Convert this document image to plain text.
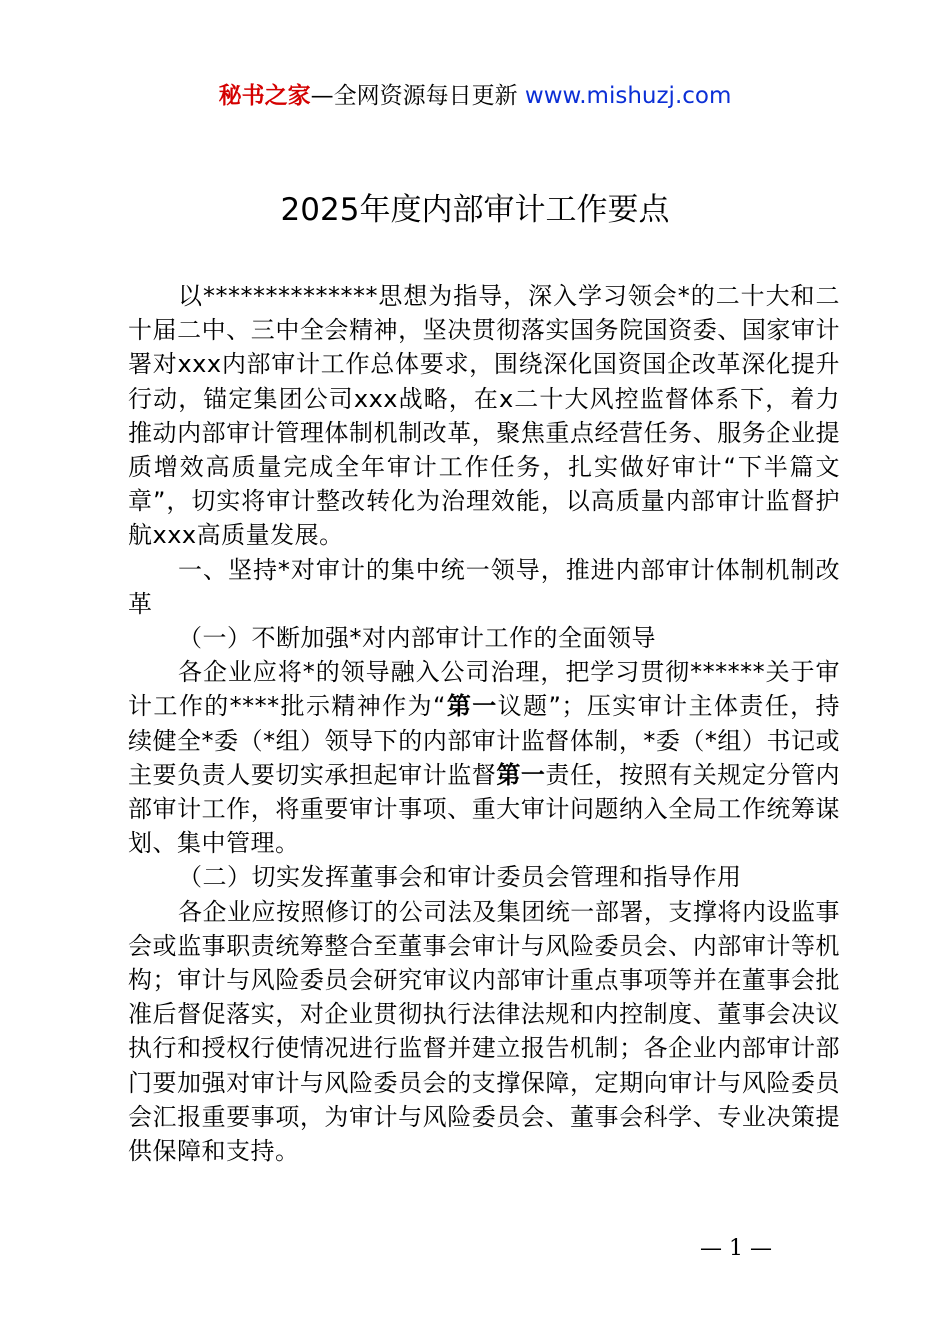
秘书之家—全网资源每日更新 www.mishuzj.com
2025年度内部审计工作要点

以**************思想为指导，深入学习领会*的二十大和二十届二中、三中全会精神，坚决贯彻落实国务院国资委、国家审计署对xxx内部审计工作总体要求，围绕深化国资国企改革深化提升行动，锚定集团公司xxx战略，在x二十大风控监督体系下，着力推动内部审计管理体制机制改革，聚焦重点经营任务、服务企业提质增效高质量完成全年审计工作任务，扎实做好审计“下半篇文章”，切实将审计整改转化为治理效能，以高质量内部审计监督护航xxx高质量发展。

一、坚持*对审计的集中统一领导，推进内部审计体制机制改革

（一）不断加强*对内部审计工作的全面领导

各企业应将*的领导融入公司治理，把学习贯彻******关于审计工作的****批示精神作为“第一议题”；压实审计主体责任，持续健全*委（*组）领导下的内部审计监督体制，*委（*组）书记或主要负责人要切实承担起审计监督第一责任，按照有关规定分管内部审计工作，将重要审计事项、重大审计问题纳入全局工作统筹谋划、集中管理。

（二）切实发挥董事会和审计委员会管理和指导作用

各企业应按照修订的公司法及集团统一部署，支撑将内设监事会或监事职责统筹整合至董事会审计与风险委员会、内部审计等机构；审计与风险委员会研究审议内部审计重点事项等并在董事会批准后督促落实，对企业贯彻执行法律法规和内控制度、董事会决议执行和授权行使情况进行监督并建立报告机制；各企业内部审计部门要加强对审计与风险委员会的支撑保障，定期向审计与风险委员会汇报重要事项，为审计与风险委员会、董事会科学、专业决策提供保障和支持。

— 1 —
